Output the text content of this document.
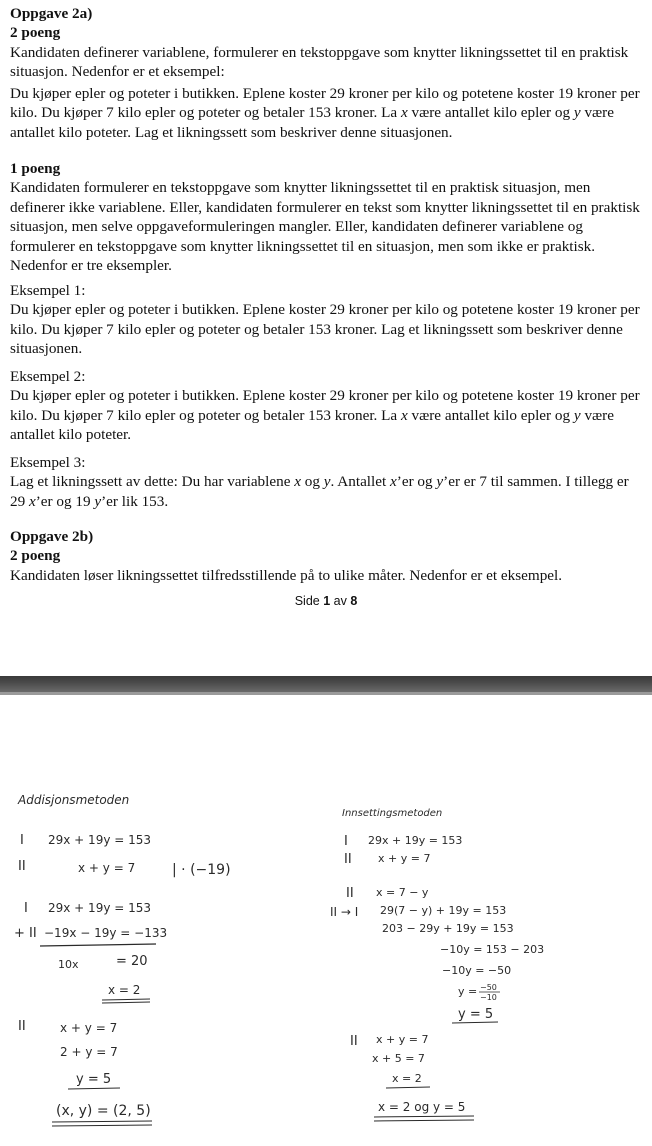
Oppgave 2a)

2 poeng

Kandidaten definerer variablene, formulerer en tekstoppgave som knytter likningssettet til en praktisk situasjon. Nedenfor er et eksempel:

Du kjøper epler og poteter i butikken. Eplene koster 29 kroner per kilo og potetene koster 19 kroner per kilo. Du kjøper 7 kilo epler og poteter og betaler 153 kroner. La x være antallet kilo epler og y være antallet kilo poteter. Lag et likningssett som beskriver denne situasjonen.

1 poeng

Kandidaten formulerer en tekstoppgave som knytter likningssettet til en praktisk situasjon, men definerer ikke variablene. Eller, kandidaten formulerer en tekst som knytter likningssettet til en praktisk situasjon, men selve oppgaveformuleringen mangler. Eller, kandidaten definerer variablene og formulerer en tekstoppgave som knytter likningssettet til en situasjon, men som ikke er praktisk. Nedenfor er tre eksempler.

Eksempel 1:

Du kjøper epler og poteter i butikken. Eplene koster 29 kroner per kilo og potetene koster 19 kroner per kilo. Du kjøper 7 kilo epler og poteter og betaler 153 kroner. Lag et likningssett som beskriver denne situasjonen.

Eksempel 2:

Du kjøper epler og poteter i butikken. Eplene koster 29 kroner per kilo og potetene koster 19 kroner per kilo. Du kjøper 7 kilo epler og poteter og betaler 153 kroner. La x være antallet kilo epler og y være antallet kilo poteter.

Eksempel 3:

Lag et likningssett av dette: Du har variablene x og y. Antallet x’er og y’er er 7 til sammen. I tillegg er 29 x’er og 19 y’er lik 153.

Oppgave 2b)

2 poeng

Kandidaten løser likningssettet tilfredsstillende på to ulike måter. Nedenfor er et eksempel.

Side 1 av 8
Addisjonsmetoden
I 29x + 19y = 153
II	x + y = 7	| · (−19)
I 29x + 19y = 153
+ II −19x − 19y = −133
10x	= 20
x = 2
II	x + y = 7
2 + y = 7
y = 5
(x, y) = (2, 5)
Innsettingsmetoden
I 29x + 19y = 153
II x + y = 7
II x = 7 − y
II → I 29(7 − y) + 19y = 153
203 − 29y + 19y = 153
−10y = 153 − 203
−10y = −50
y = −50
−10
y = 5
II x + y = 7
x + 5 = 7
x = 2
x = 2 og y = 5
